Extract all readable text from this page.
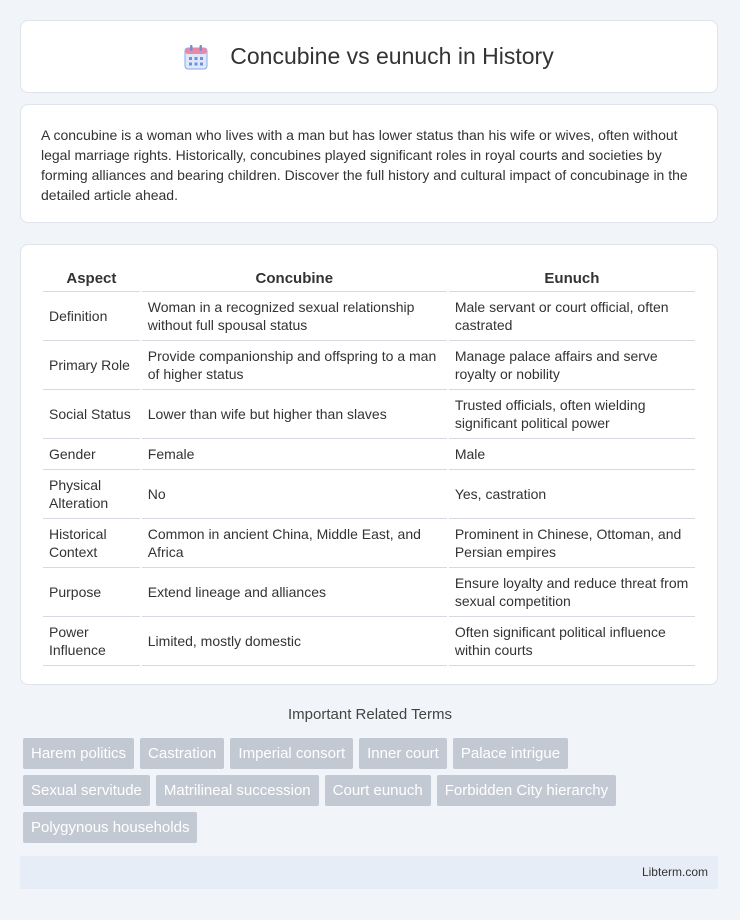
Concubine vs eunuch in History

A concubine is a woman who lives with a man but has lower status than his wife or wives, often without legal marriage rights. Historically, concubines played significant roles in royal courts and societies by forming alliances and bearing children. Discover the full history and cultural impact of concubinage in the detailed article ahead.

Aspect	Concubine	Eunuch
Definition	Woman in a recognized sexual relationship without full spousal status	Male servant or court official, often castrated
Primary Role	Provide companionship and offspring to a man of higher status	Manage palace affairs and serve royalty or nobility
Social Status	Lower than wife but higher than slaves	Trusted officials, often wielding significant political power
Gender	Female	Male
Physical Alteration	No	Yes, castration
Historical Context	Common in ancient China, Middle East, and Africa	Prominent in Chinese, Ottoman, and Persian empires
Purpose	Extend lineage and alliances	Ensure loyalty and reduce threat from sexual competition
Power Influence	Limited, mostly domestic	Often significant political influence within courts
Important Related Terms
Harem politics	Castration	Imperial consort	Inner court	Palace intrigue
Sexual servitude	Matrilineal succession	Court eunuch	Forbidden City hierarchy
Polygynous households
Libterm.com
